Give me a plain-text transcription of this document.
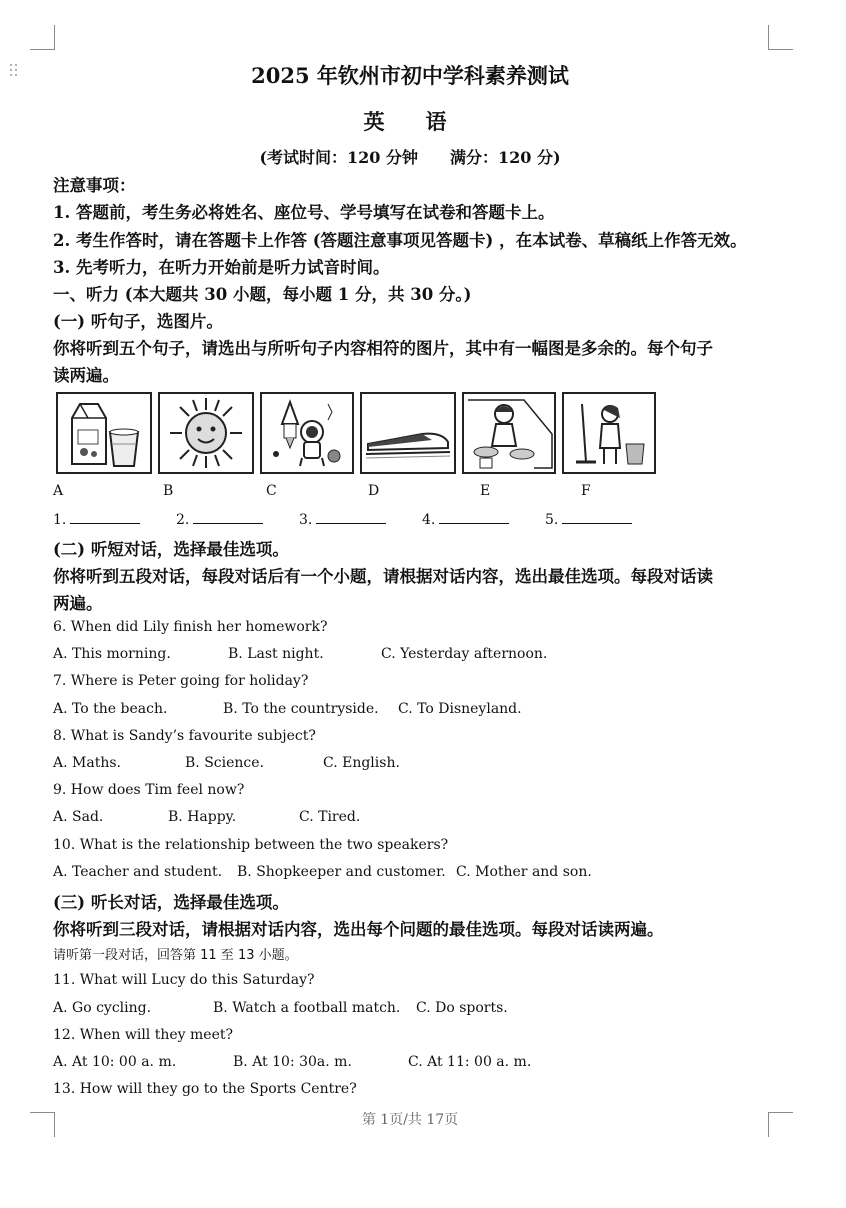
2025 年钦州市初中学科素养测试
英　语
(考试时间：120 分钟　　满分：120 分)
注意事项：
1. 答题前，考生务必将姓名、座位号、学号填写在试卷和答题卡上。
2. 考生作答时，请在答题卡上作答 (答题注意事项见答题卡) ，在本试卷、草稿纸上作答无效。
3. 先考听力，在听力开始前是听力试音时间。
一、听力 (本大题共 30 小题，每小题 1 分，共 30 分。)
(一) 听句子，选图片。
你将听到五个句子，请选出与所听句子内容相符的图片，其中有一幅图是多余的。每个句子
读两遍。
A	B	C	D	E	F
1.	2.	3.	4.	5.
(二) 听短对话，选择最佳选项。
你将听到五段对话，每段对话后有一个小题，请根据对话内容，选出最佳选项。每段对话读
两遍。
6. When did Lily finish her homework?
A. This morning.	B. Last night.	C. Yesterday afternoon.
7. Where is Peter going for holiday?
A. To the beach.	B. To the countryside. C. To Disneyland.
8. What is Sandy’s favourite subject?
A. Maths.	B. Science.	C. English.
9. How does Tim feel now?
A. Sad.	B. Happy.	C. Tired.
10. What is the relationship between the two speakers?
A. Teacher and student. B. Shopkeeper and customer. C. Mother and son.
(三) 听长对话，选择最佳选项。
你将听到三段对话，请根据对话内容，选出每个问题的最佳选项。每段对话读两遍。
请听第一段对话，回答第 11 至 13 小题。
11. What will Lucy do this Saturday?
A. Go cycling.	B. Watch a football match. C. Do sports.
12. When will they meet?
A. At 10: 00 a. m.	B. At 10: 30a. m.	C. At 11: 00 a. m.
13. How will they go to the Sports Centre?
第 1页/共 17页
